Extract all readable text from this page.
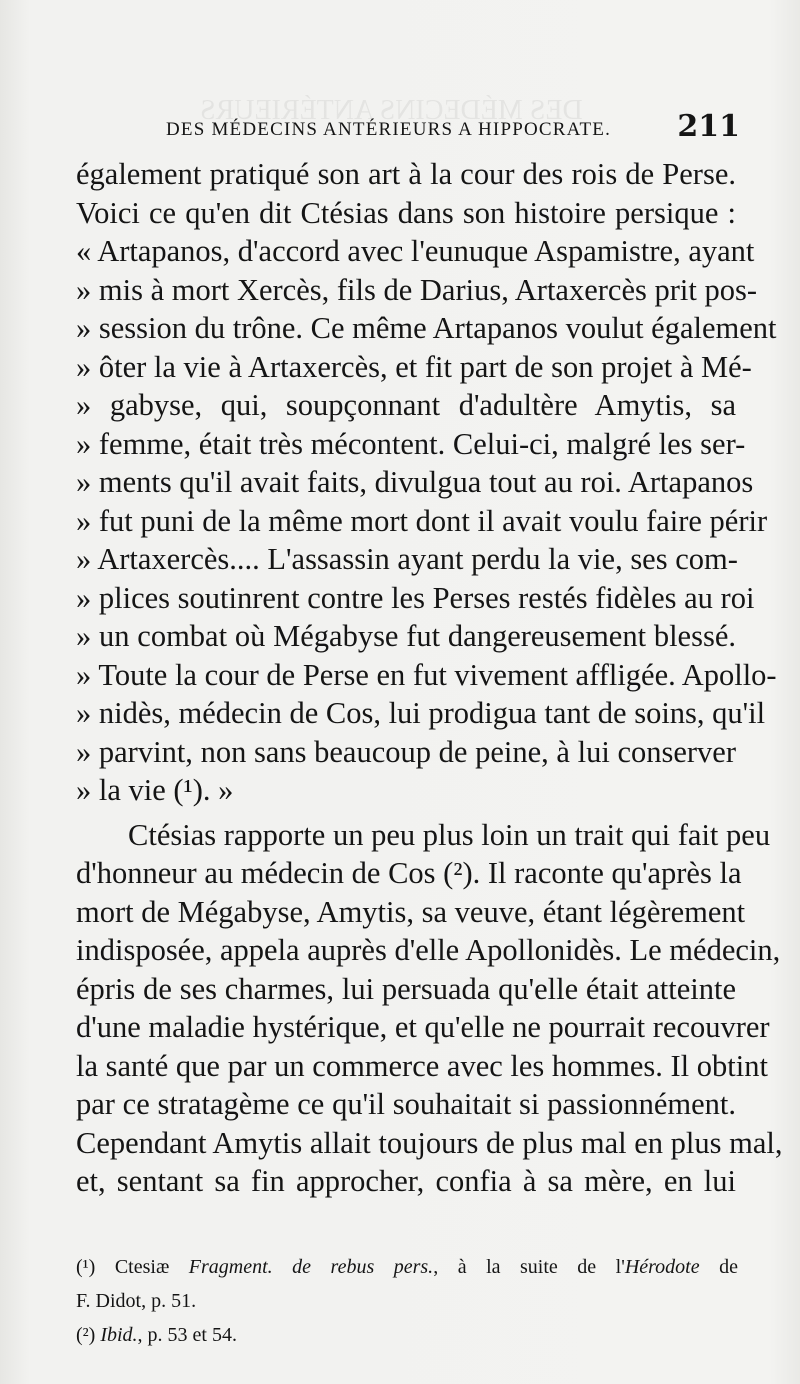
DES MÉDECINS ANTÉRIEURS
DES MÉDECINS ANTÉRIEURS A HIPPOCRATE. 211
également pratiqué son art à la cour des rois de Perse.
Voici ce qu'en dit Ctésias dans son histoire persique :
« Artapanos, d'accord avec l'eunuque Aspamistre, ayant
» mis à mort Xercès, fils de Darius, Artaxercès prit pos-
» session du trône. Ce même Artapanos voulut également
» ôter la vie à Artaxercès, et fit part de son projet à Mé-
» gabyse, qui, soupçonnant d'adultère Amytis, sa
» femme, était très mécontent. Celui-ci, malgré les ser-
» ments qu'il avait faits, divulgua tout au roi. Artapanos
» fut puni de la même mort dont il avait voulu faire périr
» Artaxercès.... L'assassin ayant perdu la vie, ses com-
» plices soutinrent contre les Perses restés fidèles au roi
» un combat où Mégabyse fut dangereusement blessé.
» Toute la cour de Perse en fut vivement affligée. Apollo-
» nidès, médecin de Cos, lui prodigua tant de soins, qu'il
» parvint, non sans beaucoup de peine, à lui conserver
» la vie (¹). »
Ctésias rapporte un peu plus loin un trait qui fait peu
d'honneur au médecin de Cos (²). Il raconte qu'après la
mort de Mégabyse, Amytis, sa veuve, étant légèrement
indisposée, appela auprès d'elle Apollonidès. Le médecin,
épris de ses charmes, lui persuada qu'elle était atteinte
d'une maladie hystérique, et qu'elle ne pourrait recouvrer
la santé que par un commerce avec les hommes. Il obtint
par ce stratagème ce qu'il souhaitait si passionnément.
Cependant Amytis allait toujours de plus mal en plus mal,
et, sentant sa fin approcher, confia à sa mère, en lui
(¹) Ctesiæ Fragment. de rebus pers., à la suite de l'Hérodote de
F. Didot, p. 51.
(²) Ibid., p. 53 et 54.
